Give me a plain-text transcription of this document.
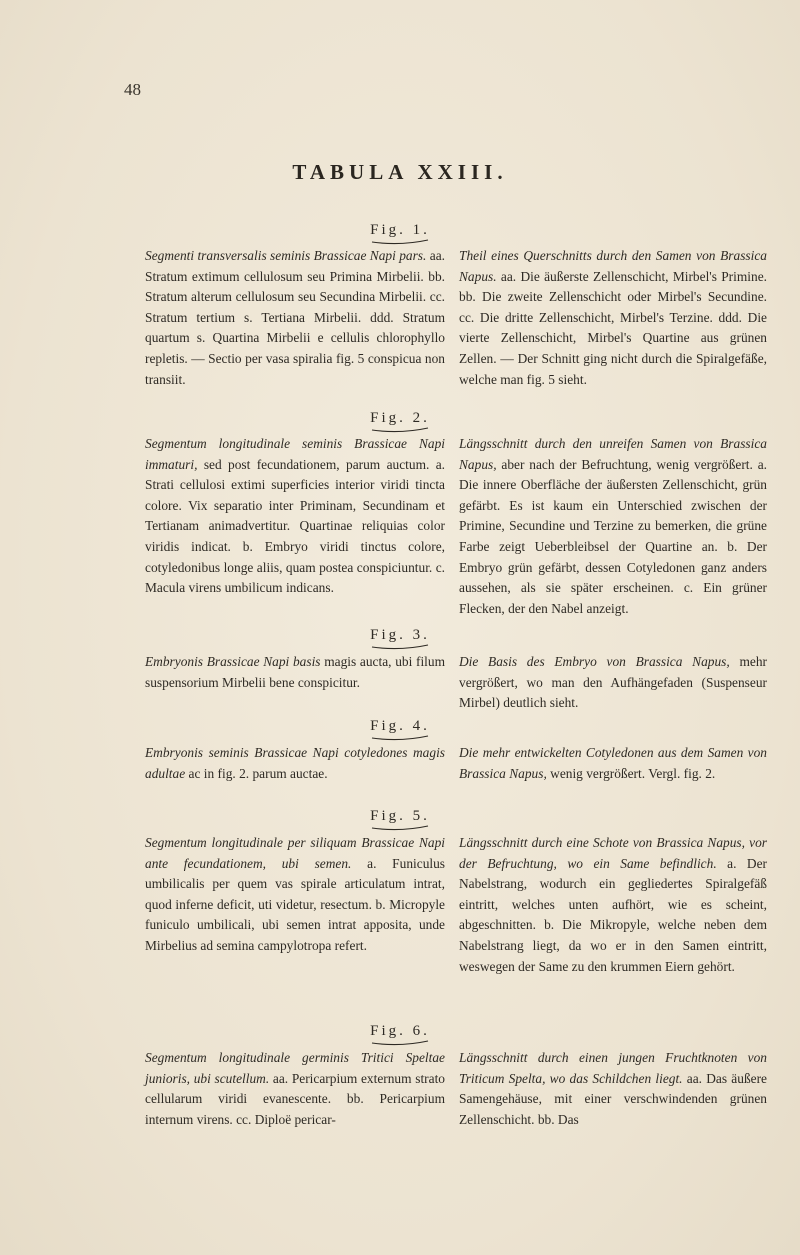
48
TABULA XXIII.
Fig. 1.

Segmenti transversalis seminis Brassicae Napi pars. aa. Stratum extimum cellulosum seu Primina Mirbelii. bb. Stratum alterum cellulosum seu Secundina Mirbelii. cc. Stratum tertium s. Tertiana Mirbelii. ddd. Stratum quartum s. Quartina Mirbelii e cellulis chlorophyllo repletis. — Sectio per vasa spiralia fig. 5 conspicua non transiit.

Theil eines Querschnitts durch den Samen von Brassica Napus. aa. Die äußerste Zellenschicht, Mirbel's Primine. bb. Die zweite Zellenschicht oder Mirbel's Secundine. cc. Die dritte Zellenschicht, Mirbel's Terzine. ddd. Die vierte Zellenschicht, Mirbel's Quartine aus grünen Zellen. — Der Schnitt ging nicht durch die Spiralgefäße, welche man fig. 5 sieht.

Fig. 2.

Segmentum longitudinale seminis Brassicae Napi immaturi, sed post fecundationem, parum auctum. a. Strati cellulosi extimi superficies interior viridi tincta colore. Vix separatio inter Priminam, Secundinam et Tertianam animadvertitur. Quartinae reliquias color viridis indicat. b. Embryo viridi tinctus colore, cotyledonibus longe aliis, quam postea conspiciuntur. c. Macula virens umbilicum indicans.

Längsschnitt durch den unreifen Samen von Brassica Napus, aber nach der Befruchtung, wenig vergrößert. a. Die innere Oberfläche der äußersten Zellenschicht, grün gefärbt. Es ist kaum ein Unterschied zwischen der Primine, Secundine und Terzine zu bemerken, die grüne Farbe zeigt Ueberbleibsel der Quartine an. b. Der Embryo grün gefärbt, dessen Cotyledonen ganz anders aussehen, als sie später erscheinen. c. Ein grüner Flecken, der den Nabel anzeigt.

Fig. 3.

Embryonis Brassicae Napi basis magis aucta, ubi filum suspensorium Mirbelii bene conspicitur.

Die Basis des Embryo von Brassica Napus, mehr vergrößert, wo man den Aufhängefaden (Suspenseur Mirbel) deutlich sieht.

Fig. 4.

Embryonis seminis Brassicae Napi cotyledones magis adultae ac in fig. 2. parum auctae.

Die mehr entwickelten Cotyledonen aus dem Samen von Brassica Napus, wenig vergrößert. Vergl. fig. 2.

Fig. 5.

Segmentum longitudinale per siliquam Brassicae Napi ante fecundationem, ubi semen. a. Funiculus umbilicalis per quem vas spirale articulatum intrat, quod inferne deficit, uti videtur, resectum. b. Micropyle funiculo umbilicali, ubi semen intrat apposita, unde Mirbelius ad semina campylotropa refert.

Längsschnitt durch eine Schote von Brassica Napus, vor der Befruchtung, wo ein Same befindlich. a. Der Nabelstrang, wodurch ein gegliedertes Spiralgefäß eintritt, welches unten aufhört, wie es scheint, abgeschnitten. b. Die Mikropyle, welche neben dem Nabelstrang liegt, da wo er in den Samen eintritt, weswegen der Same zu den krummen Eiern gehört.

Fig. 6.

Segmentum longitudinale germinis Tritici Speltae junioris, ubi scutellum. aa. Pericarpium externum strato cellularum viridi evanescente. bb. Pericarpium internum virens. cc. Diploë pericar-

Längsschnitt durch einen jungen Fruchtknoten von Triticum Spelta, wo das Schildchen liegt. aa. Das äußere Samengehäuse, mit einer verschwindenden grünen Zellenschicht. bb. Das
